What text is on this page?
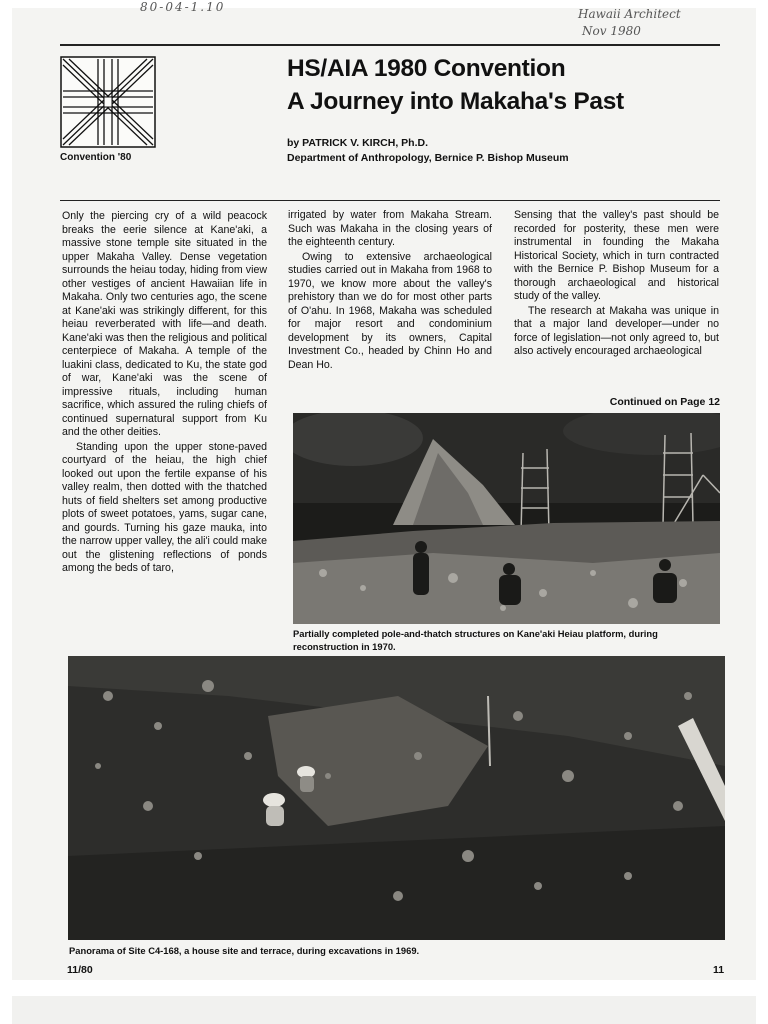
80-04-1.10	Hawaii Architect
Nov 1980
Convention '80
HS/AIA 1980 Convention
A Journey into Makaha's Past
by PATRICK V. KIRCH, Ph.D.
Department of Anthropology, Bernice P. Bishop Museum

Only the piercing cry of a wild peacock breaks the eerie silence at Kane'aki, a massive stone temple site situated in the upper Makaha Valley. Dense vegetation surrounds the heiau today, hiding from view other vestiges of ancient Hawaiian life in Makaha. Only two centuries ago, the scene at Kane'aki was strikingly different, for this heiau reverberated with life—and death. Kane'aki was then the religious and political centerpiece of Makaha. A temple of the luakini class, dedicated to Ku, the state god of war, Kane'aki was the scene of impressive rituals, including human sacrifice, which assured the ruling chiefs of continued supernatural support from Ku and the other deities.

Standing upon the upper stone-paved courtyard of the heiau, the high chief looked out upon the fertile expanse of his valley realm, then dotted with the thatched huts of field shelters set among productive plots of sweet potatoes, yams, sugar cane, and gourds. Turning his gaze mauka, into the narrow upper valley, the ali'i could make out the glistening reflections of ponds among the beds of taro,

irrigated by water from Makaha Stream. Such was Makaha in the closing years of the eighteenth century.

Owing to extensive archaeological studies carried out in Makaha from 1968 to 1970, we know more about the valley's prehistory than we do for most other parts of O'ahu. In 1968, Makaha was scheduled for major resort and condominium development by its owners, Capital Investment Co., headed by Chinn Ho and Dean Ho.

Sensing that the valley's past should be recorded for posterity, these men were instrumental in founding the Makaha Historical Society, which in turn contracted with the Bernice P. Bishop Museum for a thorough archaeological and historical study of the valley.

The research at Makaha was unique in that a major land developer—under no force of legislation—not only agreed to, but also actively encouraged archaeological

Continued on Page 12
Partially completed pole-and-thatch structures on Kane'aki Heiau platform, during reconstruction in 1970.
Panorama of Site C4-168, a house site and terrace, during excavations in 1969.
11/80	11
